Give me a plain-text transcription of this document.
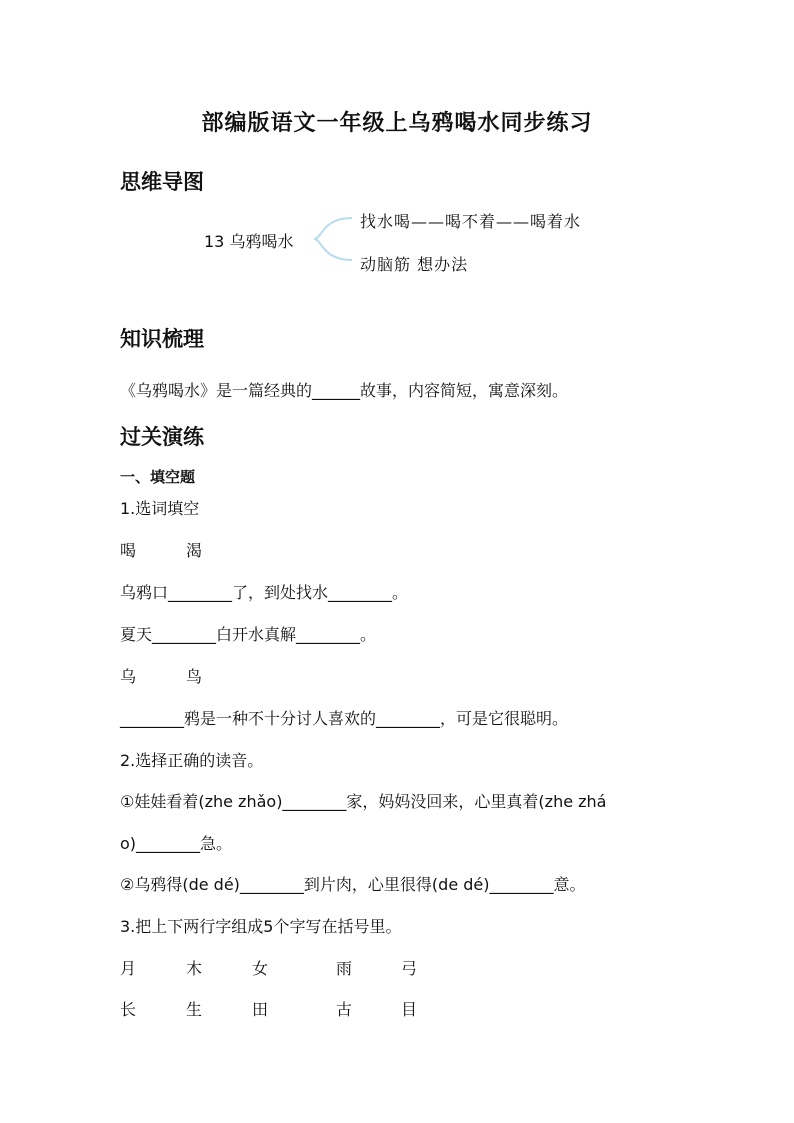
部编版语文一年级上乌鸦喝水同步练习
思维导图
13 乌鸦喝水
找水喝——喝不着——喝着水
动脑筋 想办法
知识梳理
《乌鸦喝水》是一篇经典的______故事，内容简短，寓意深刻。
过关演练
一、填空题
1.选词填空
喝	渴
乌鸦口________了，到处找水________。
夏天________白开水真解________。
乌	鸟
________鸦是一种不十分讨人喜欢的________，可是它很聪明。
2.选择正确的读音。
①娃娃看着(zhe zhǎo)________家，妈妈没回来，心里真着(zhe zhá
o)________急。
②乌鸦得(de dé)________到片肉，心里很得(de dé)________意。
3.把上下两行字组成5个字写在括号里。
月	木	女	雨	弓
长	生	田	古	目
